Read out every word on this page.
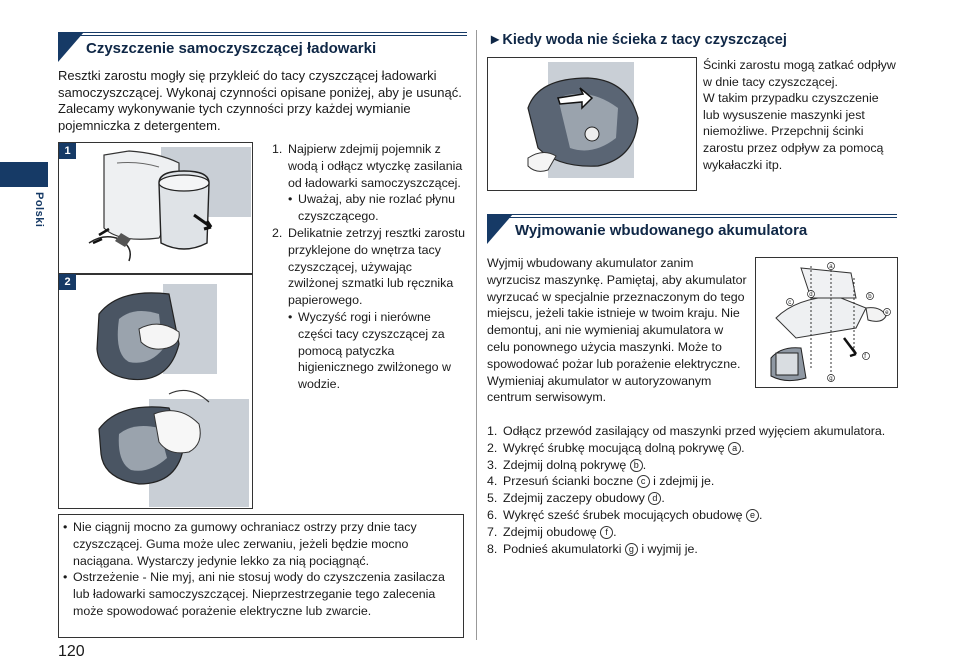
Polski
Czyszczenie samoczyszczącej ładowarki
Resztki zarostu mogły się przykleić do tacy czyszczącej ładowarki samoczyszczącej. Wykonaj czynności opisane poniżej, aby je usunąć. Zalecamy wykonywanie tych czynności przy każdej wymianie pojemniczka z detergentem.
1
2
1. Najpierw zdejmij pojemnik z wodą i odłącz wtyczkę zasilania od ładowarki samoczyszczącej.
• Uważaj, aby nie rozlać płynu czyszczącego.
2. Delikatnie zetrzyj resztki zarostu przyklejone do wnętrza tacy czyszczącej, używając zwilżonej szmatki lub ręcznika papierowego.
• Wyczyść rogi i nierówne części tacy czyszczącej za pomocą patyczka higienicznego zwilżonego w wodzie.
• Nie ciągnij mocno za gumowy ochraniacz ostrzy przy dnie tacy czyszczącej. Guma może ulec zerwaniu, jeżeli będzie mocno naciągana. Wystarczy jedynie lekko za nią pociągnąć.
• Ostrzeżenie - Nie myj, ani nie stosuj wody do czyszczenia zasilacza lub ładowarki samoczyszczącej. Nieprzestrzeganie tego zalecenia może spowodować porażenie elektryczne lub zwarcie.
120
►Kiedy woda nie ścieka z tacy czyszczącej
Ścinki zarostu mogą zatkać odpływ w dnie tacy czyszczącej.
W takim przypadku czyszczenie lub wysuszenie maszynki jest niemożliwe. Przepchnij ścinki zarostu przez odpływ za pomocą wykałaczki itp.
Wyjmowanie wbudowanego akumulatora
Wyjmij wbudowany akumulator zanim wyrzucisz maszynkę. Pamiętaj, aby akumulator wyrzucać w specjalnie przeznaczonym do tego miejscu, jeżeli takie istnieje w twoim kraju. Nie demontuj, ani nie wymieniaj akumulatora w celu ponownego użycia maszynki. Może to spowodować pożar lub porażenie elektryczne. Wymieniaj akumulator w autoryzowanym centrum serwisowym.
a
b
c
d
e
f
g
1. Odłącz przewód zasilający od maszynki przed wyjęciem akumulatora.
2. Wykręć śrubkę mocującą dolną pokrywę a .
3. Zdejmij dolną pokrywę b .
4. Przesuń ścianki boczne c i zdejmij je.
5. Zdejmij zaczepy obudowy d .
6. Wykręć sześć śrubek mocujących obudowę e .
7. Zdejmij obudowę f .
8. Podnieś akumulatorki g i wyjmij je.
